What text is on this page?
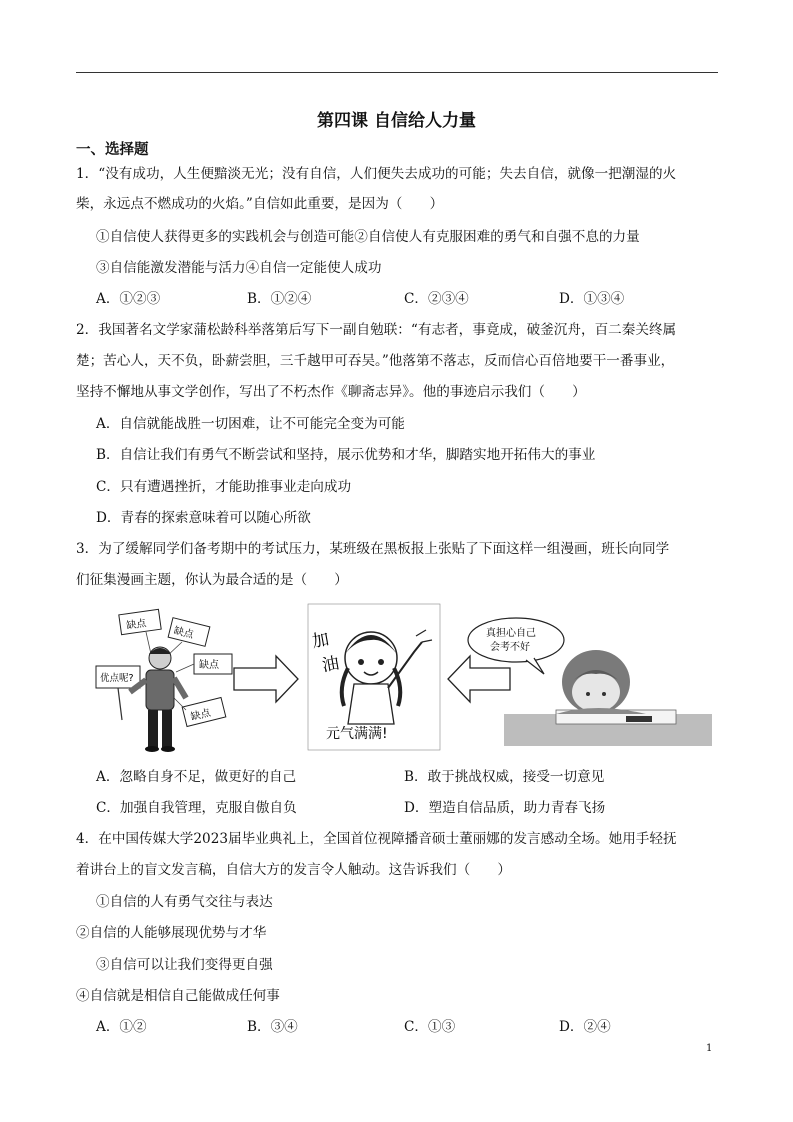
第四课 自信给人力量
一、选择题
1．“没有成功，人生便黯淡无光；没有自信，人们便失去成功的可能；失去自信，就像一把潮湿的火
柴，永远点不燃成功的火焰。”自信如此重要，是因为（　　）
①自信使人获得更多的实践机会与创造可能②自信使人有克服困难的勇气和自强不息的力量
③自信能激发潜能与活力④自信一定能使人成功
A．①②③	B．①②④	C．②③④	D．①③④
2．我国著名文学家蒲松龄科举落第后写下一副自勉联：“有志者，事竟成，破釜沉舟，百二秦关终属
楚；苦心人，天不负，卧薪尝胆，三千越甲可吞吴。”他落第不落志，反而信心百倍地要干一番事业，
坚持不懈地从事文学创作，写出了不朽杰作《聊斋志异》。他的事迹启示我们（　　）
A．自信就能战胜一切困难，让不可能完全变为可能
B．自信让我们有勇气不断尝试和坚持，展示优势和才华，脚踏实地开拓伟大的事业
C．只有遭遇挫折，才能助推事业走向成功
D．青春的探索意味着可以随心所欲
3．为了缓解同学们备考期中的考试压力，某班级在黑板报上张贴了下面这样一组漫画，班长向同学
们征集漫画主题，你认为最合适的是（　　）
缺点
缺点
缺点
缺点
优点呢?
加
油
元气满满!
真担心自己
会考不好
A．忽略自身不足，做更好的自己	B．敢于挑战权威，接受一切意见
C．加强自我管理，克服自傲自负	D．塑造自信品质，助力青春飞扬
4．在中国传媒大学2023届毕业典礼上，全国首位视障播音硕士董丽娜的发言感动全场。她用手轻抚
着讲台上的盲文发言稿，自信大方的发言令人触动。这告诉我们（　　）
①自信的人有勇气交往与表达
②自信的人能够展现优势与才华
③自信可以让我们变得更自强
④自信就是相信自己能做成任何事
A．①②	B．③④	C．①③	D．②④
1
